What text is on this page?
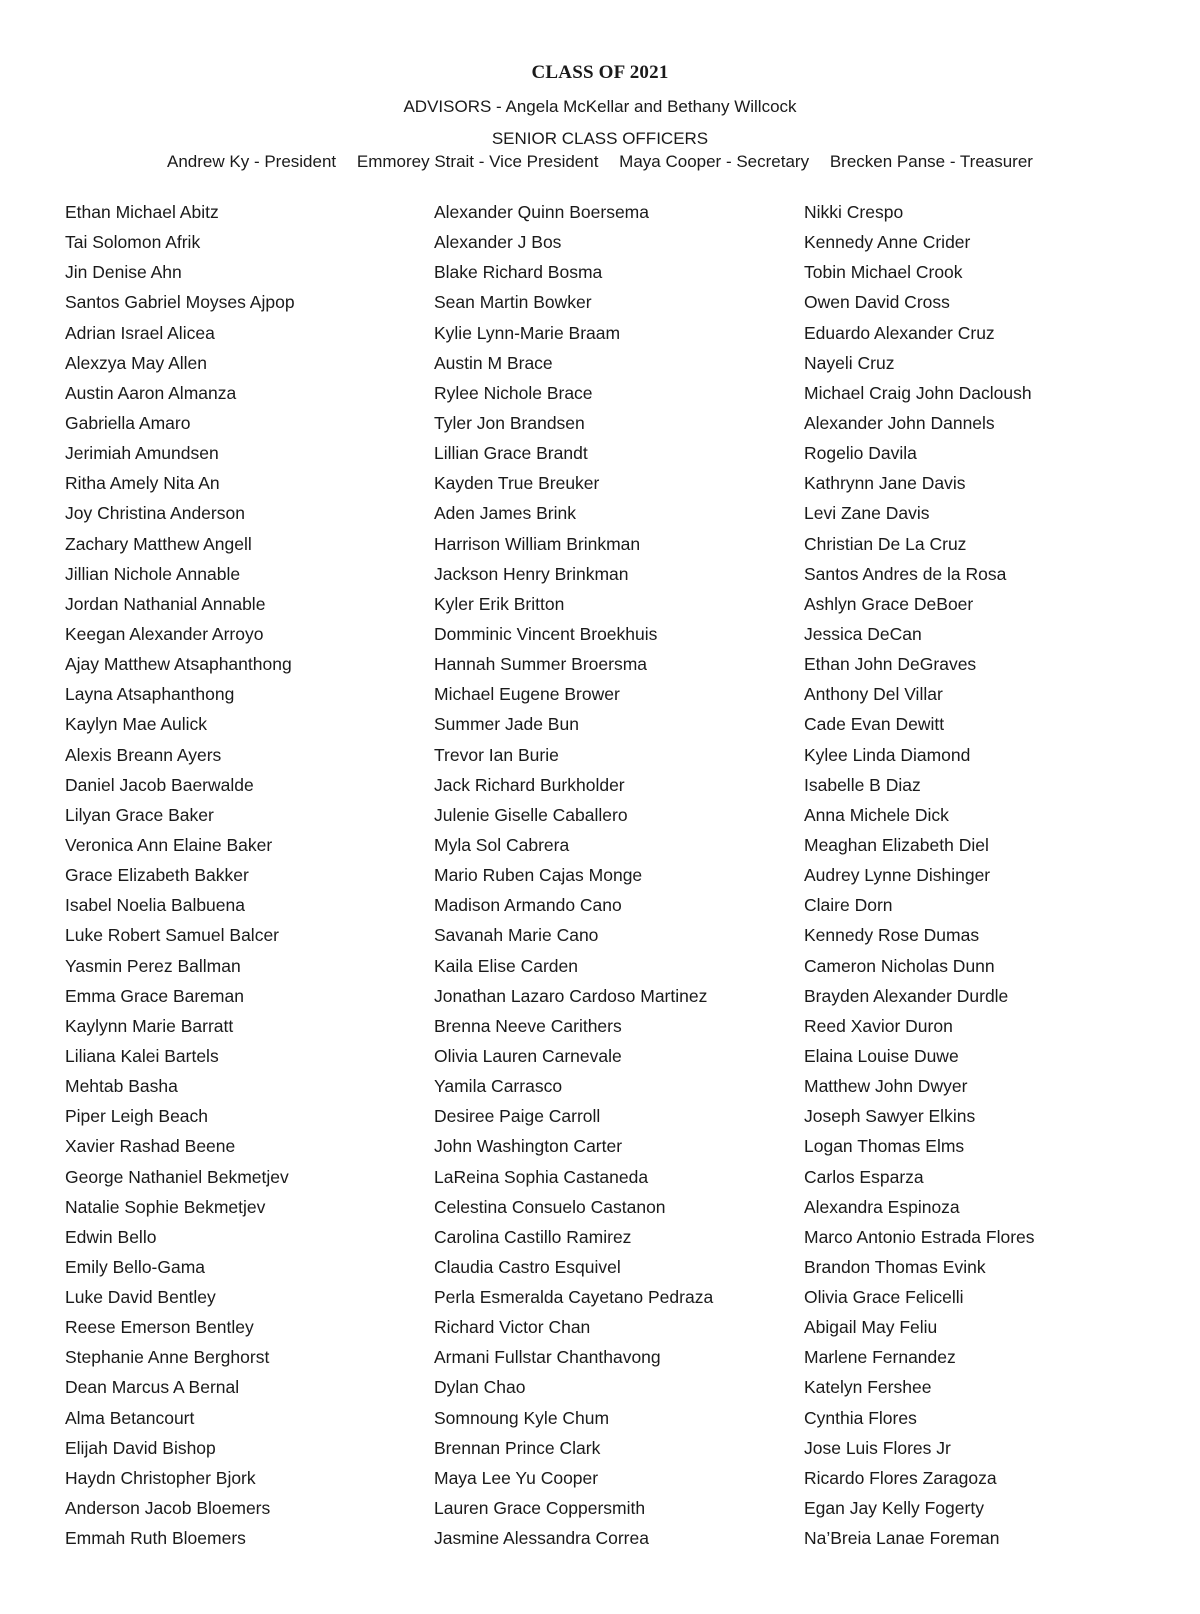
CLASS OF 2021
ADVISORS - Angela McKellar and Bethany Willcock
SENIOR CLASS OFFICERS
Andrew Ky - President Emmorey Strait - Vice President Maya Cooper - Secretary Brecken Panse - Treasurer
Ethan Michael Abitz
Tai Solomon Afrik
Jin Denise Ahn
Santos Gabriel Moyses Ajpop
Adrian Israel Alicea
Alexzya May Allen
Austin Aaron Almanza
Gabriella Amaro
Jerimiah Amundsen
Ritha Amely Nita An
Joy Christina Anderson
Zachary Matthew Angell
Jillian Nichole Annable
Jordan Nathanial Annable
Keegan Alexander Arroyo
Ajay Matthew Atsaphanthong
Layna Atsaphanthong
Kaylyn Mae Aulick
Alexis Breann Ayers
Daniel Jacob Baerwalde
Lilyan Grace Baker
Veronica Ann Elaine Baker
Grace Elizabeth Bakker
Isabel Noelia Balbuena
Luke Robert Samuel Balcer
Yasmin Perez Ballman
Emma Grace Bareman
Kaylynn Marie Barratt
Liliana Kalei Bartels
Mehtab Basha
Piper Leigh Beach
Xavier Rashad Beene
George Nathaniel Bekmetjev
Natalie Sophie Bekmetjev
Edwin Bello
Emily Bello-Gama
Luke David Bentley
Reese Emerson Bentley
Stephanie Anne Berghorst
Dean Marcus A Bernal
Alma Betancourt
Elijah David Bishop
Haydn Christopher Bjork
Anderson Jacob Bloemers
Emmah Ruth Bloemers
Alexander Quinn Boersema
Alexander J Bos
Blake Richard Bosma
Sean Martin Bowker
Kylie Lynn-Marie Braam
Austin M Brace
Rylee Nichole Brace
Tyler Jon Brandsen
Lillian Grace Brandt
Kayden True Breuker
Aden James Brink
Harrison William Brinkman
Jackson Henry Brinkman
Kyler Erik Britton
Domminic Vincent Broekhuis
Hannah Summer Broersma
Michael Eugene Brower
Summer Jade Bun
Trevor Ian Burie
Jack Richard Burkholder
Julenie Giselle Caballero
Myla Sol Cabrera
Mario Ruben Cajas Monge
Madison Armando Cano
Savanah Marie Cano
Kaila Elise Carden
Jonathan Lazaro Cardoso Martinez
Brenna Neeve Carithers
Olivia Lauren Carnevale
Yamila Carrasco
Desiree Paige Carroll
John Washington Carter
LaReina Sophia Castaneda
Celestina Consuelo Castanon
Carolina Castillo Ramirez
Claudia Castro Esquivel
Perla Esmeralda Cayetano Pedraza
Richard Victor Chan
Armani Fullstar Chanthavong
Dylan Chao
Somnoung Kyle Chum
Brennan Prince Clark
Maya Lee Yu Cooper
Lauren Grace Coppersmith
Jasmine Alessandra Correa
Nikki Crespo
Kennedy Anne Crider
Tobin Michael Crook
Owen David Cross
Eduardo Alexander Cruz
Nayeli Cruz
Michael Craig John Dacloush
Alexander John Dannels
Rogelio Davila
Kathrynn Jane Davis
Levi Zane Davis
Christian De La Cruz
Santos Andres de la Rosa
Ashlyn Grace DeBoer
Jessica DeCan
Ethan John DeGraves
Anthony Del Villar
Cade Evan Dewitt
Kylee Linda Diamond
Isabelle B Diaz
Anna Michele Dick
Meaghan Elizabeth Diel
Audrey Lynne Dishinger
Claire Dorn
Kennedy Rose Dumas
Cameron Nicholas Dunn
Brayden Alexander Durdle
Reed Xavior Duron
Elaina Louise Duwe
Matthew John Dwyer
Joseph Sawyer Elkins
Logan Thomas Elms
Carlos Esparza
Alexandra Espinoza
Marco Antonio Estrada Flores
Brandon Thomas Evink
Olivia Grace Felicelli
Abigail May Feliu
Marlene Fernandez
Katelyn Fershee
Cynthia Flores
Jose Luis Flores Jr
Ricardo Flores Zaragoza
Egan Jay Kelly Fogerty
Na’Breia Lanae Foreman
